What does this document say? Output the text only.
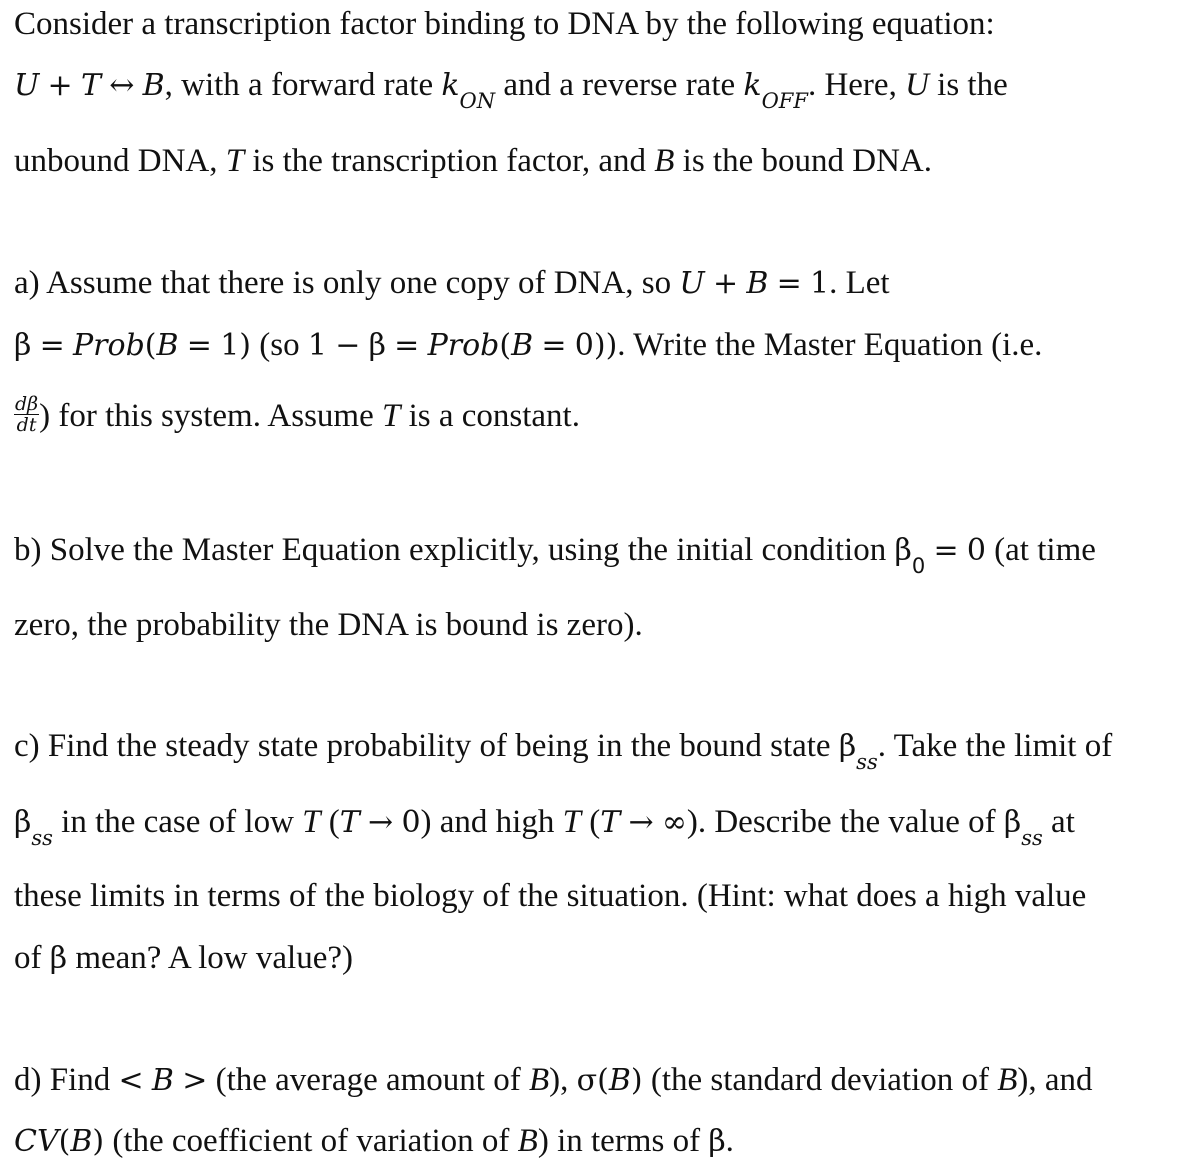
Consider a transcription factor binding to DNA by the following equation:
U + T ↔ B, with a forward rate $k_{ON}$ and a reverse rate $k_{OFF}$. Here, U is the
unbound DNA, T is the transcription factor, and B is the bound DNA.
a) Assume that there is only one copy of DNA, so U + B = 1. Let
β = Prob(B = 1) (so 1 − β = Prob(B = 0)). Write the Master Equation (i.e.
$\frac{d\beta}{dt}$ ) for this system. Assume T is a constant.
b) Solve the Master Equation explicitly, using the initial condition $\beta_0 = 0$ (at time
zero, the probability the DNA is bound is zero).
c) Find the steady state probability of being in the bound state $\beta_{ss}$. Take the limit of
$\beta_{ss}$ in the case of low T (T → 0) and high T (T → ∞). Describe the value of $\beta_{ss}$ at
these limits in terms of the biology of the situation. (Hint: what does a high value
of β mean? A low value?)
d) Find < B > (the average amount of B), σ(B) (the standard deviation of B), and
CV(B) (the coefficient of variation of B) in terms of β.
